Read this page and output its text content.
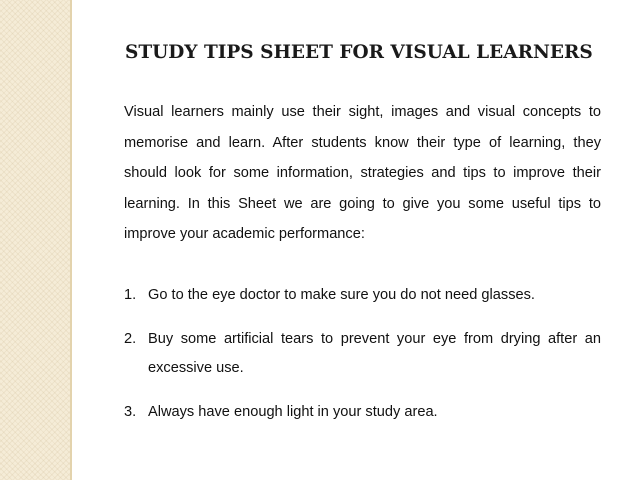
STUDY TIPS SHEET FOR VISUAL LEARNERS

Visual learners mainly use their sight, images and visual concepts to memorise and learn. After students know their type of learning, they should look for some information, strategies and tips to improve their learning. In this Sheet we are going to give you some useful tips to improve your academic performance:

1. Go to the eye doctor to make sure you do not need glasses.
2. Buy some artificial tears to prevent your eye from drying after an excessive use.
3. Always have enough light in your study area.
